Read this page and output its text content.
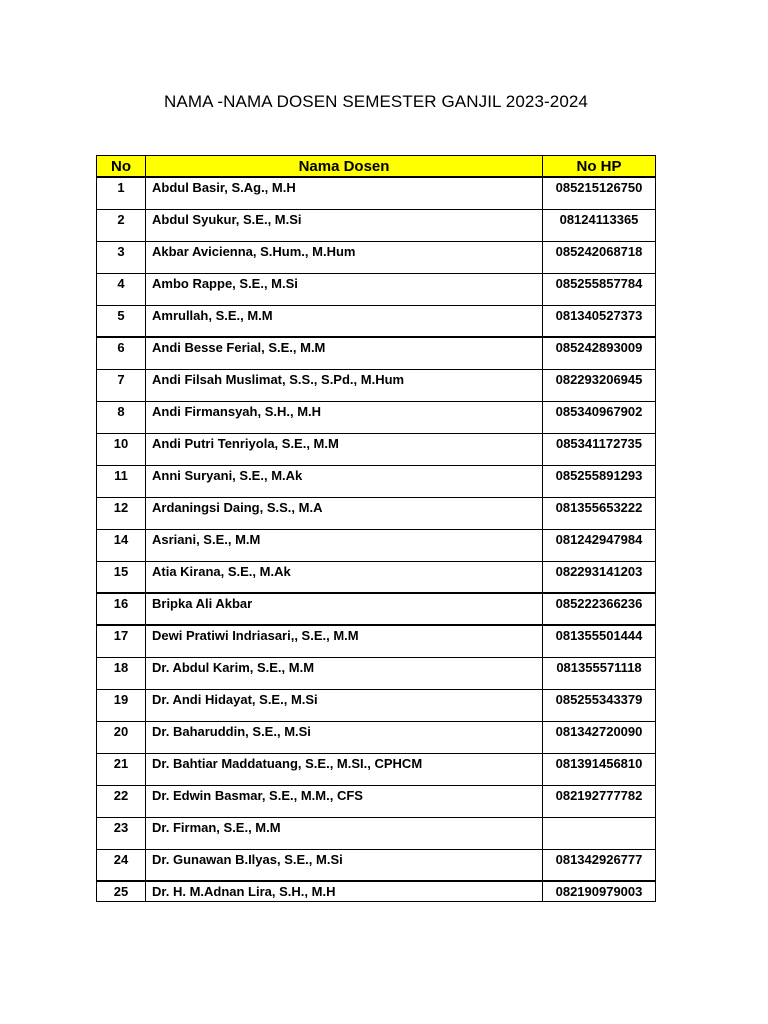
NAMA -NAMA DOSEN SEMESTER GANJIL 2023-2024
No	Nama Dosen	No HP
1	Abdul Basir, S.Ag., M.H	085215126750
2	Abdul Syukur, S.E., M.Si	08124113365
3	Akbar Avicienna, S.Hum., M.Hum	085242068718
4	Ambo Rappe, S.E., M.Si	085255857784
5	Amrullah, S.E., M.M	081340527373
6	Andi Besse Ferial, S.E., M.M	085242893009
7	Andi Filsah Muslimat, S.S., S.Pd., M.Hum	082293206945
8	Andi Firmansyah, S.H., M.H	085340967902
10	Andi Putri Tenriyola, S.E., M.M	085341172735
11	Anni Suryani, S.E., M.Ak	085255891293
12	Ardaningsi Daing, S.S., M.A	081355653222
14	Asriani, S.E., M.M	081242947984
15	Atia Kirana, S.E., M.Ak	082293141203
16	Bripka Ali Akbar	085222366236
17	Dewi Pratiwi Indriasari,, S.E., M.M	081355501444
18	Dr. Abdul Karim, S.E., M.M	081355571118
19	Dr. Andi Hidayat, S.E., M.Si	085255343379
20	Dr. Baharuddin, S.E., M.Si	081342720090
21	Dr. Bahtiar Maddatuang, S.E., M.SI., CPHCM	081391456810
22	Dr. Edwin Basmar, S.E., M.M., CFS	082192777782
23	Dr. Firman, S.E., M.M	
24	Dr. Gunawan B.Ilyas, S.E., M.Si	081342926777
25	Dr. H. M.Adnan Lira, S.H., M.H	082190979003
